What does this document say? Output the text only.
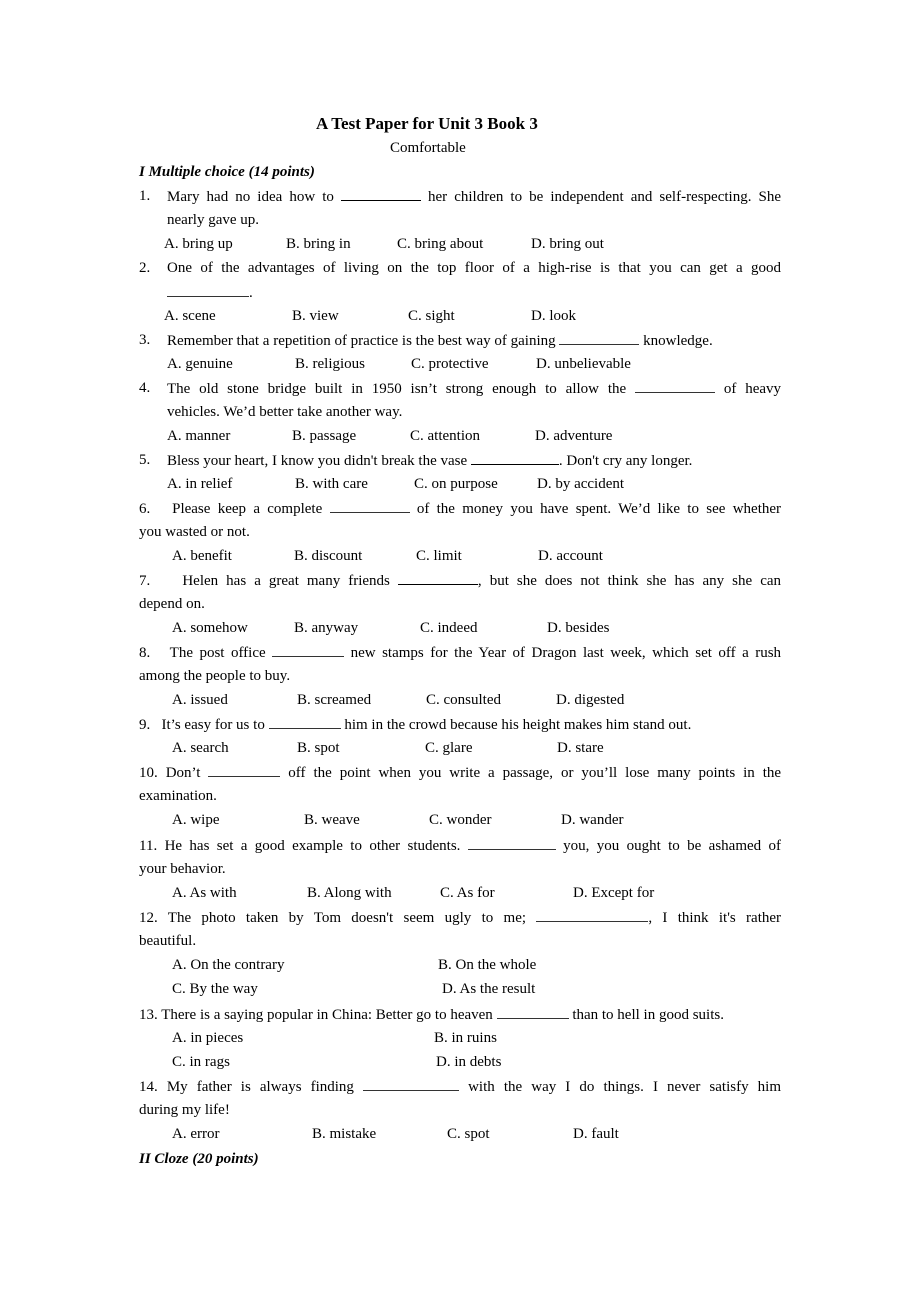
A Test Paper for Unit 3 Book 3
Comfortable
I Multiple choice (14 points)
1. Mary had no idea how to	her children to be independent and self-respecting. She
nearly gave up.
A. bring up	B. bring in	C. bring about	D. bring out
2. One of the advantages of living on the top floor of a high-rise is that you can get a good
.
A. scene	B. view	C. sight	D. look
3. Remember that a repetition of practice is the best way of gaining	knowledge.
A. genuine	B. religious	C. protective	D. unbelievable
4. The old stone bridge built in 1950 isn’t strong enough to allow the	of heavy
vehicles. We’d better take another way.
A. manner	B. passage	C. attention	D. adventure
5. Bless your heart, I know you didn't break the vase	. Don't cry any longer.
A. in relief	B. with care	C. on purpose	D. by accident
6. Please keep a complete	of the money you have spent. We’d like to see whether
you wasted or not.
A. benefit	B. discount	C. limit	D. account
7. Helen has a great many friends	, but she does not think she has any she can
depend on.
A. somehow	B. anyway	C. indeed	D. besides
8. The post office	new stamps for the Year of Dragon last week, which set off a rush
among the people to buy.
A. issued	B. screamed	C. consulted	D. digested
9. It’s easy for us to	him in the crowd because his height makes him stand out.
A. search	B. spot	C. glare	D. stare
10. Don’t	off the point when you write a passage, or you’ll lose many points in the
examination.
A. wipe	B. weave	C. wonder	D. wander
11. He has set a good example to other students.	you, you ought to be ashamed of
your behavior.
A. As with	B. Along with	C. As for	D. Except for
12. The photo taken by Tom doesn't seem ugly to me;	, I think it's rather
beautiful.
A. On the contrary	B. On the whole
C. By the way	D. As the result
13. There is a saying popular in China: Better go to heaven	than to hell in good suits.
A. in pieces	B. in ruins
C. in rags	D. in debts
14. My father is always finding	with the way I do things. I never satisfy him
during my life!
A. error	B. mistake	C. spot	D. fault
II Cloze (20 points)
